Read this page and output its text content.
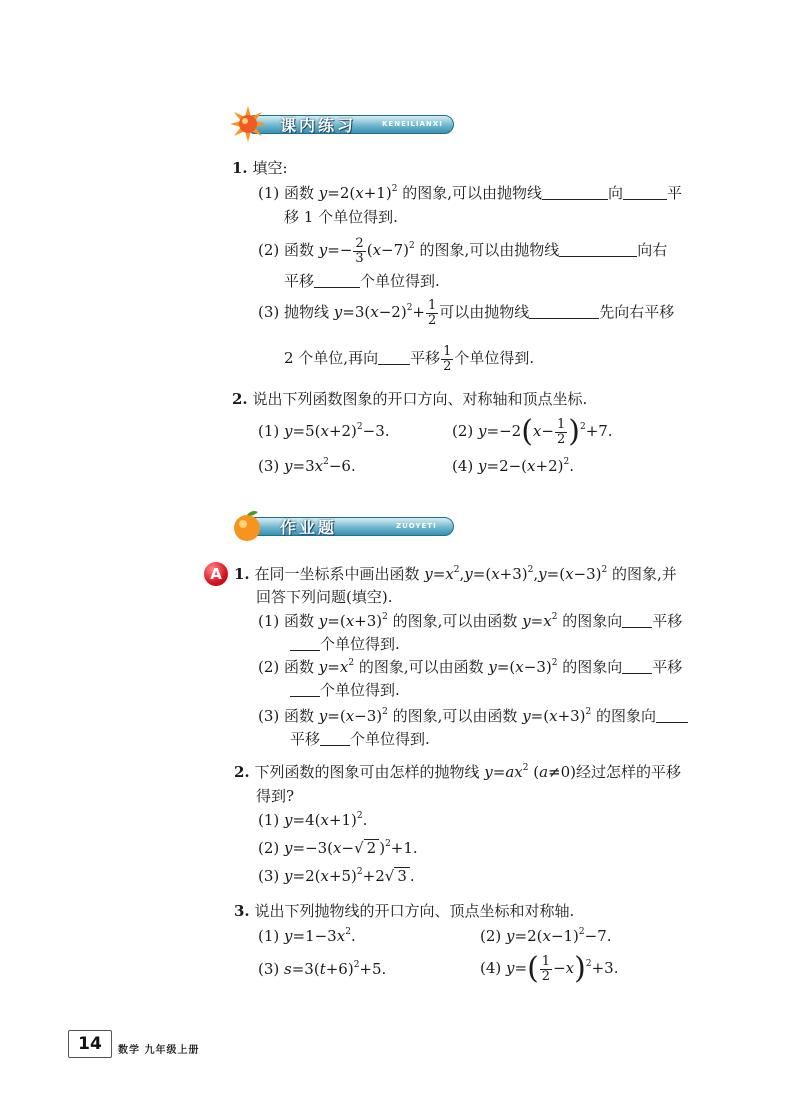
课内练习	KENEILIANXI
1. 填空:
(1) 函数 $y=2(x+1)^2$ 的图象,可以由抛物线	向	平
移 1 个单位得到.
(2) 函数 $y=- \frac{2}{3} (x-7)^2$ 的图象,可以由抛物线	向右
平移	个单位得到.
(3) 抛物线 $y=3(x-2)^2+ \frac{1}{2}$ 可以由抛物线	先向右平移
2 个单位,再向 平移 $\frac{1}{2}$ 个单位得到.
2. 说出下列函数图象的开口方向、对称轴和顶点坐标.
(1) $y=5(x+2)^2-3$.	(2) $y=-2(x- \frac{1}{2} )^2+7$.
(3) $y=3x^2-6$.	(4) $y=2-(x+2)^2$.
作业题	ZUOYETI
A 1. 在同一坐标系中画出函数 $y=x^2,y=(x+3)^2,y=(x-3)^2$ 的图象,并
回答下列问题(填空).
(1) 函数 $y=(x+3)^2$ 的图象,可以由函数 $y=x^2$ 的图象向 平移
个单位得到.
(2) 函数 $y=x^2$ 的图象,可以由函数 $y=(x-3)^2$ 的图象向 平移
个单位得到.
(3) 函数 $y=(x-3)^2$ 的图象,可以由函数 $y=(x+3)^2$ 的图象向
平移 个单位得到.
2. 下列函数的图象可由怎样的抛物线 $y=ax^2$ (a≠0)经过怎样的平移
得到?
(1) $y=4(x+1)^2$.
(2) y=−3(x−√ 2 )$^2$+1.
(3) $y=2(x+5)^2+2√$ 3 .
3. 说出下列抛物线的开口方向、顶点坐标和对称轴.
(1) $y=1-3x^2$.	(2) $y=2(x-1)^2-7$.
(3) $s=3(t+6)^2+5$.	(4) $y=( \frac{1}{2} -x)^2+3$.
14	数学 九年级上册
